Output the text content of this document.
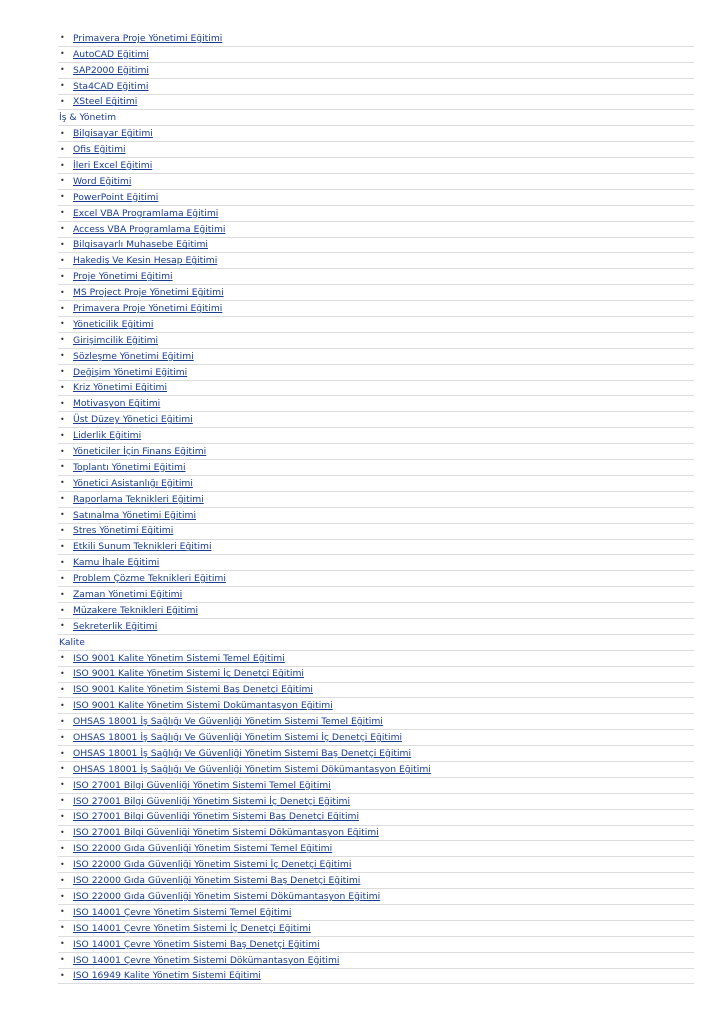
• Primavera Proje Yönetimi Eğitimi
• AutoCAD Eğitimi
• SAP2000 Eğitimi
• Sta4CAD Eğitimi
• XSteel Eğitimi
İş & Yönetim
• Bilgisayar Eğitimi
• Ofis Eğitimi
• İleri Excel Eğitimi
• Word Eğitimi
• PowerPoint Eğitimi
• Excel VBA Programlama Eğitimi
• Access VBA Programlama Eğitimi
• Bilgisayarlı Muhasebe Eğitimi
• Hakediş Ve Kesin Hesap Eğitimi
• Proje Yönetimi Eğitimi
• MS Project Proje Yönetimi Eğitimi
• Primavera Proje Yönetimi Eğitimi
• Yöneticilik Eğitimi
• Girişimcilik Eğitimi
• Sözleşme Yönetimi Eğitimi
• Değişim Yönetimi Eğitimi
• Kriz Yönetimi Eğitimi
• Motivasyon Eğitimi
• Üst Düzey Yönetici Eğitimi
• Liderlik Eğitimi
• Yöneticiler İçin Finans Eğitimi
• Toplantı Yönetimi Eğitimi
• Yönetici Asistanlığı Eğitimi
• Raporlama Teknikleri Eğitimi
• Satınalma Yönetimi Eğitimi
• Stres Yönetimi Eğitimi
• Etkili Sunum Teknikleri Eğitimi
• Kamu İhale Eğitimi
• Problem Çözme Teknikleri Eğitimi
• Zaman Yönetimi Eğitimi
• Müzakere Teknikleri Eğitimi
• Sekreterlik Eğitimi
Kalite
• ISO 9001 Kalite Yönetim Sistemi Temel Eğitimi
• ISO 9001 Kalite Yönetim Sistemi İç Denetçi Eğitimi
• ISO 9001 Kalite Yönetim Sistemi Baş Denetçi Eğitimi
• ISO 9001 Kalite Yönetim Sistemi Dokümantasyon Eğitimi
• OHSAS 18001 İş Sağlığı Ve Güvenliği Yönetim Sistemi Temel Eğitimi
• OHSAS 18001 İş Sağlığı Ve Güvenliği Yönetim Sistemi İç Denetçi Eğitimi
• OHSAS 18001 İş Sağlığı Ve Güvenliği Yönetim Sistemi Baş Denetçi Eğitimi
• OHSAS 18001 İş Sağlığı Ve Güvenliği Yönetim Sistemi Dökümantasyon Eğitimi
• ISO 27001 Bilgi Güvenliği Yönetim Sistemi Temel Eğitimi
• ISO 27001 Bilgi Güvenliği Yönetim Sistemi İç Denetçi Eğitimi
• ISO 27001 Bilgi Güvenliği Yönetim Sistemi Baş Denetçi Eğitimi
• ISO 27001 Bilgi Güvenliği Yönetim Sistemi Dökümantasyon Eğitimi
• ISO 22000 Gıda Güvenliği Yönetim Sistemi Temel Eğitimi
• ISO 22000 Gıda Güvenliği Yönetim Sistemi İç Denetçi Eğitimi
• ISO 22000 Gıda Güvenliği Yönetim Sistemi Baş Denetçi Eğitimi
• ISO 22000 Gıda Güvenliği Yönetim Sistemi Dökümantasyon Eğitimi
• ISO 14001 Çevre Yönetim Sistemi Temel Eğitimi
• ISO 14001 Çevre Yönetim Sistemi İç Denetçi Eğitimi
• ISO 14001 Çevre Yönetim Sistemi Baş Denetçi Eğitimi
• ISO 14001 Çevre Yönetim Sistemi Dökümantasyon Eğitimi
• ISO 16949 Kalite Yönetim Sistemi Eğitimi
